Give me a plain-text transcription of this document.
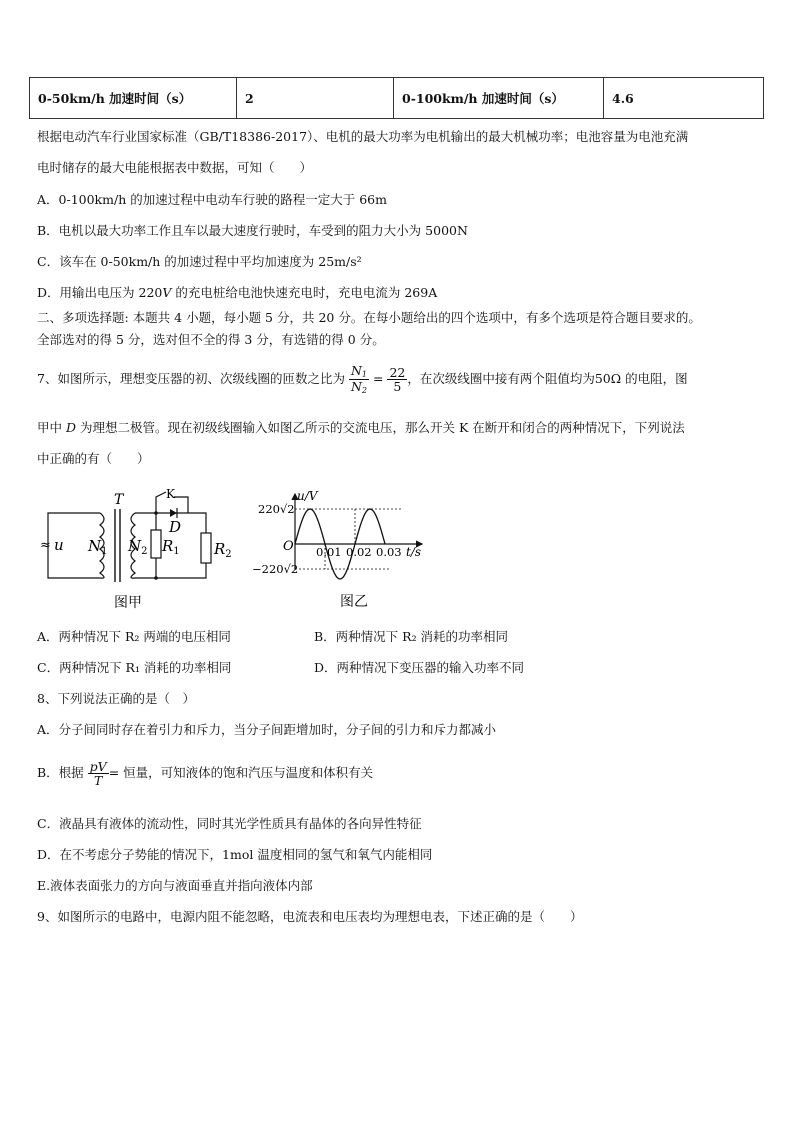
0-50km/h 加速时间（s）	2	0-100km/h 加速时间（s）	4.6
根据电动汽车行业国家标准（GB/T18386-2017）、电机的最大功率为电机输出的最大机械功率；电池容量为电池充满
电时储存的最大电能根据表中数据，可知（　　）
A．0-100km/h 的加速过程中电动车行驶的路程一定大于 66m
B．电机以最大功率工作且车以最大速度行驶时，车受到的阻力大小为 5000N
C．该车在 0-50km/h 的加速过程中平均加速度为 25m/s²
D．用输出电压为 220V 的充电桩给电池快速充电时，充电电流为 269A
二、多项选择题: 本题共 4 小题，每小题 5 分，共 20 分。在每小题给出的四个选项中，有多个选项是符合题目要求的。
全部选对的得 5 分，选对但不全的得 3 分，有选错的得 0 分。
7、如图所示，理想变压器的初、次级线圈的匝数之比为 $\frac{N_1}{N_2} = \frac{22}{5}$ ，在次级线圈中接有两个阻值均为50Ω 的电阻，图
甲中 D 为理想二极管。现在初级线圈输入如图乙所示的交流电压，那么开关 K 在断开和闭合的两种情况下，下列说法
中正确的有（　　）
≈ u
T	K
D
$N_1$ $N_2$ $R_1$ $R_2$
图甲
220√2
−220√2
u/V
O 0.01 0.02 0.03 t/s
图乙
A．两种情况下 R₂ 两端的电压相同	B．两种情况下 R₂ 消耗的功率相同
C．两种情况下 R₁ 消耗的功率相同	D．两种情况下变压器的输入功率不同
8、下列说法正确的是（　）
A．分子间同时存在着引力和斥力，当分子间距增加时，分子间的引力和斥力都减小
B．根据 $\frac{pV}{T}$ = 恒量，可知液体的饱和汽压与温度和体积有关
C．液晶具有液体的流动性，同时其光学性质具有晶体的各向异性特征
D．在不考虑分子势能的情况下，1mol 温度相同的氢气和氧气内能相同
E.液体表面张力的方向与液面垂直并指向液体内部
9、如图所示的电路中，电源内阻不能忽略，电流表和电压表均为理想电表，下述正确的是（　　）
